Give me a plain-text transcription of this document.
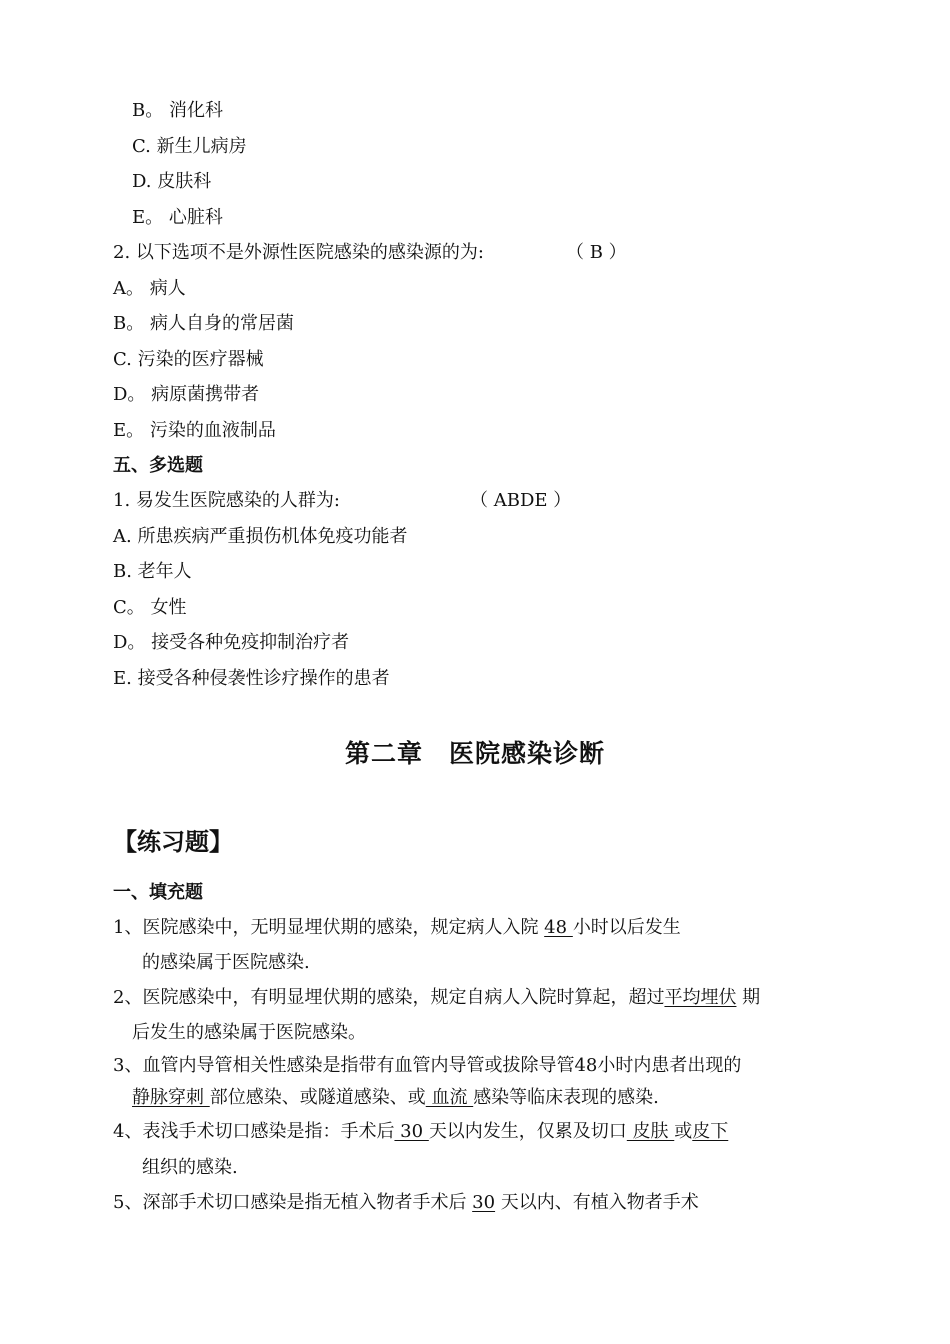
B。 消化科
C. 新生儿病房
D. 皮肤科
E。 心脏科
2. 以下选项不是外源性医院感染的感染源的为:	（ B ）
A。 病人
B。 病人自身的常居菌
C. 污染的医疗器械
D。 病原菌携带者
E。 污染的血液制品
五、多选题
1. 易发生医院感染的人群为:	（ ABDE ）
A. 所患疾病严重损伤机体免疫功能者
B. 老年人
C。 女性
D。 接受各种免疫抑制治疗者
E. 接受各种侵袭性诊疗操作的患者
第二章　医院感染诊断
【练习题】
一、填充题
1、医院感染中，无明显埋伏期的感染，规定病人入院 48 小时以后发生
的感染属于医院感染.
2、医院感染中，有明显埋伏期的感染，规定自病人入院时算起，超过平均埋伏 期
后发生的感染属于医院感染。
3、血管内导管相关性感染是指带有血管内导管或拔除导管48小时内患者出现的
静脉穿刺 部位感染、或隧道感染、或 血流 感染等临床表现的感染.
4、表浅手术切口感染是指：手术后 30 天以内发生，仅累及切口 皮肤 或皮下
组织的感染.
5、深部手术切口感染是指无植入物者手术后 30 天以内、有植入物者手术
